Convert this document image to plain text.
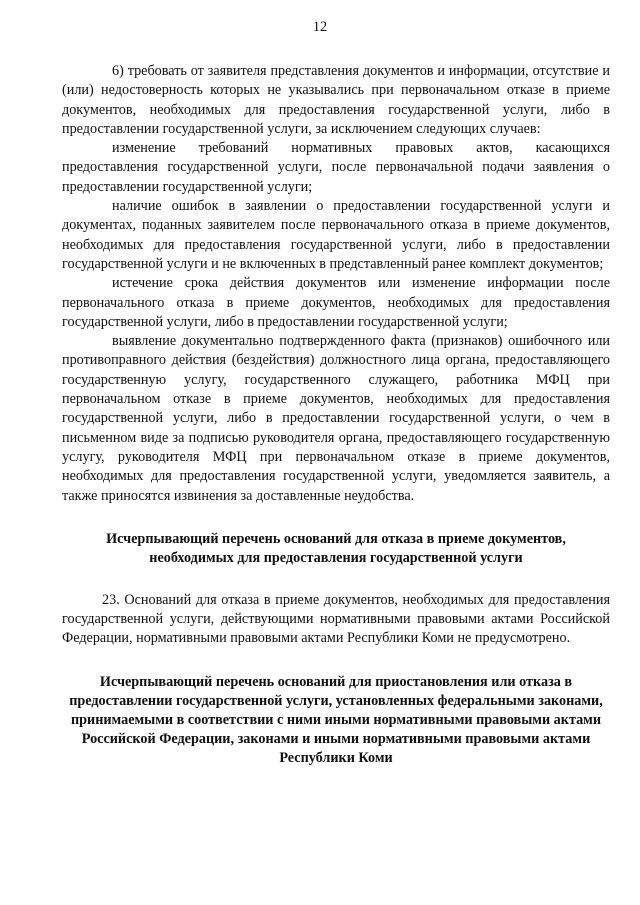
12

6) требовать от заявителя представления документов и информации, отсутствие и (или) недостоверность которых не указывались при первоначальном отказе в приеме документов, необходимых для предоставления государственной услуги, либо в предоставлении государственной услуги, за исключением следующих случаев:

изменение требований нормативных правовых актов, касающихся предоставления государственной услуги, после первоначальной подачи заявления о предоставлении государственной услуги;

наличие ошибок в заявлении о предоставлении государственной услуги и документах, поданных заявителем после первоначального отказа в приеме документов, необходимых для предоставления государственной услуги, либо в предоставлении государственной услуги и не включенных в представленный ранее комплект документов;

истечение срока действия документов или изменение информации после первоначального отказа в приеме документов, необходимых для предоставления государственной услуги, либо в предоставлении государственной услуги;

выявление документально подтвержденного факта (признаков) ошибочного или противоправного действия (бездействия) должностного лица органа, предоставляющего государственную услугу, государственного служащего, работника МФЦ при первоначальном отказе в приеме документов, необходимых для предоставления государственной услуги, либо в предоставлении государственной услуги, о чем в письменном виде за подписью руководителя органа, предоставляющего государственную услугу, руководителя МФЦ при первоначальном отказе в приеме документов, необходимых для предоставления государственной услуги, уведомляется заявитель, а также приносятся извинения за доставленные неудобства.

Исчерпывающий перечень оснований для отказа в приеме документов, необходимых для предоставления государственной услуги

23. Оснований для отказа в приеме документов, необходимых для предоставления государственной услуги, действующими нормативными правовыми актами Российской Федерации, нормативными правовыми актами Республики Коми не предусмотрено.

Исчерпывающий перечень оснований для приостановления или отказа в предоставлении государственной услуги, установленных федеральными законами, принимаемыми в соответствии с ними иными нормативными правовыми актами Российской Федерации, законами и иными нормативными правовыми актами Республики Коми
